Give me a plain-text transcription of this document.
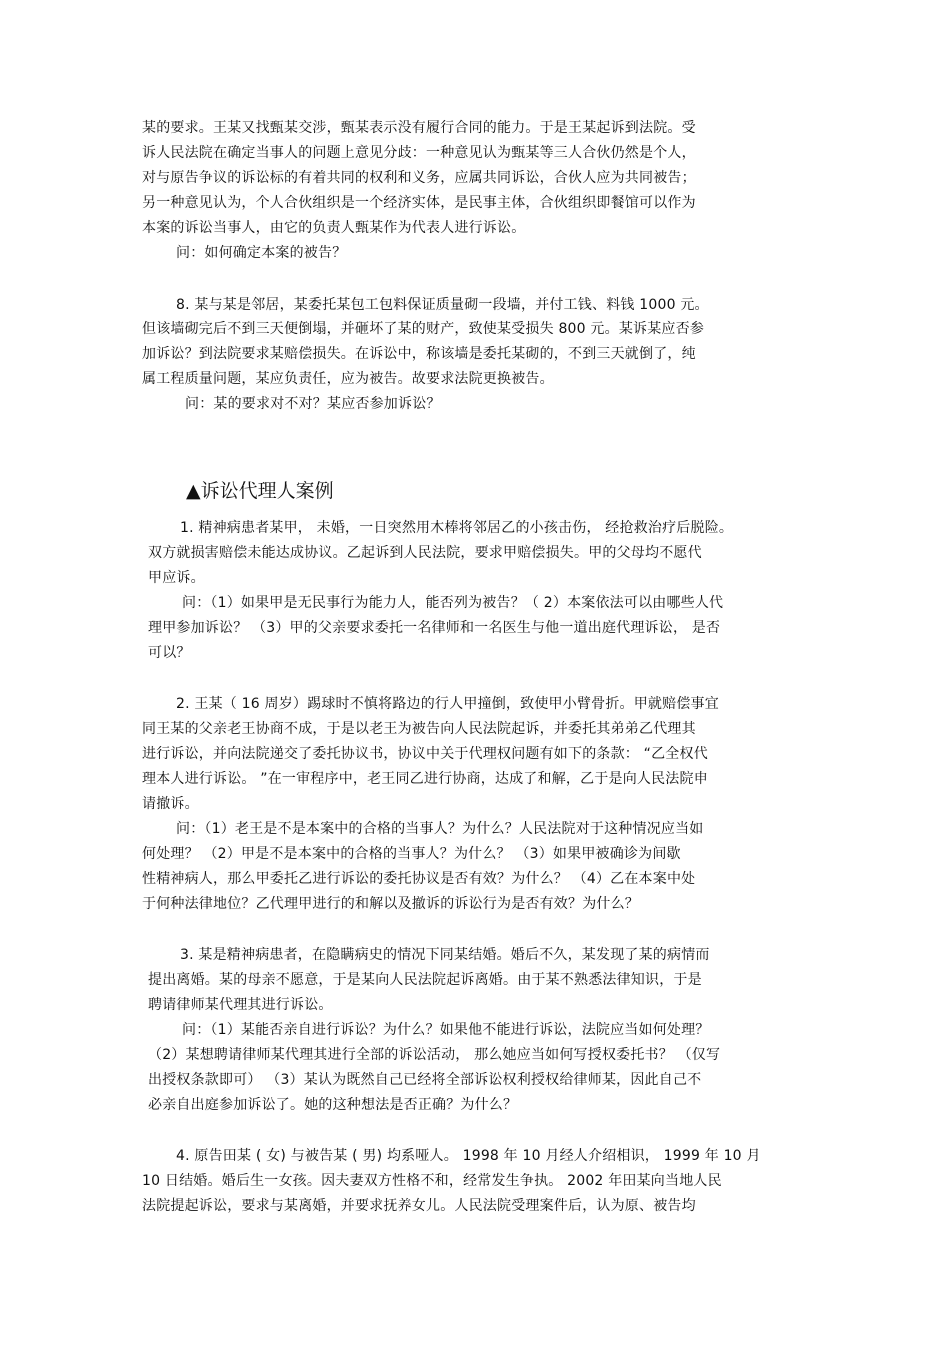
某的要求。王某又找甄某交涉，甄某表示没有履行合同的能力。于是王某起诉到法院。受
诉人民法院在确定当事人的问题上意见分歧：一种意见认为甄某等三人合伙仍然是个人，
对与原告争议的诉讼标的有着共同的权利和义务，应属共同诉讼，合伙人应为共同被告；
另一种意见认为，个人合伙组织是一个经济实体，是民事主体，合伙组织即餐馆可以作为
本案的诉讼当事人，由它的负责人甄某作为代表人进行诉讼。
问：如何确定本案的被告？
8. 某与某是邻居，某委托某包工包料保证质量砌一段墙，并付工钱、料钱 1000 元。
但该墙砌完后不到三天便倒塌，并砸坏了某的财产，致使某受损失 800 元。某诉某应否参
加诉讼？到法院要求某赔偿损失。在诉讼中，称该墙是委托某砌的，不到三天就倒了，纯
属工程质量问题，某应负责任，应为被告。故要求法院更换被告。
问：某的要求对不对？某应否参加诉讼？
▲诉讼代理人案例
1. 精神病患者某甲， 未婚，一日突然用木棒将邻居乙的小孩击伤， 经抢救治疗后脱险。
双方就损害赔偿未能达成协议。乙起诉到人民法院，要求甲赔偿损失。甲的父母均不愿代
甲应诉。
问：（1）如果甲是无民事行为能力人，能否列为被告？（ 2）本案依法可以由哪些人代
理甲参加诉讼？ （3）甲的父亲要求委托一名律师和一名医生与他一道出庭代理诉讼， 是否
可以？
2. 王某（ 16 周岁）踢球时不慎将路边的行人甲撞倒，致使甲小臂骨折。甲就赔偿事宜
同王某的父亲老王协商不成，于是以老王为被告向人民法院起诉，并委托其弟弟乙代理其
进行诉讼，并向法院递交了委托协议书，协议中关于代理权问题有如下的条款： “乙全权代
理本人进行诉讼。 ”在一审程序中，老王同乙进行协商，达成了和解，乙于是向人民法院申
请撤诉。
问：（1）老王是不是本案中的合格的当事人？为什么？人民法院对于这种情况应当如
何处理？ （2）甲是不是本案中的合格的当事人？为什么？ （3）如果甲被确诊为间歇
性精神病人，那么甲委托乙进行诉讼的委托协议是否有效？为什么？ （4）乙在本案中处
于何种法律地位？乙代理甲进行的和解以及撤诉的诉讼行为是否有效？为什么？
3. 某是精神病患者，在隐瞒病史的情况下同某结婚。婚后不久，某发现了某的病情而
提出离婚。某的母亲不愿意，于是某向人民法院起诉离婚。由于某不熟悉法律知识，于是
聘请律师某代理其进行诉讼。
问：（1）某能否亲自进行诉讼？为什么？如果他不能进行诉讼，法院应当如何处理？
（2）某想聘请律师某代理其进行全部的诉讼活动， 那么她应当如何写授权委托书？ （仅写
出授权条款即可） （3）某认为既然自己已经将全部诉讼权利授权给律师某，因此自己不
必亲自出庭参加诉讼了。她的这种想法是否正确？为什么？
4. 原告田某 ( 女) 与被告某 ( 男) 均系哑人。 1998 年 10 月经人介绍相识， 1999 年 10 月
10 日结婚。婚后生一女孩。因夫妻双方性格不和，经常发生争执。 2002 年田某向当地人民
法院提起诉讼，要求与某离婚，并要求抚养女儿。人民法院受理案件后，认为原、被告均
